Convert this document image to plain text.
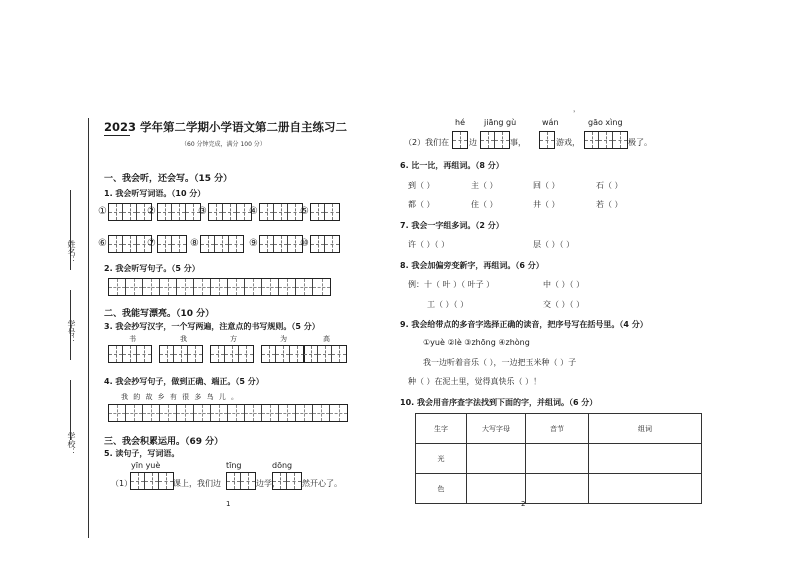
姓名：
学号：
学校：
2023 学年第二学期小学语文第二册自主练习二
（60 分钟完成，满分 100 分）
一、我会听，还会写。（15 分）
1. 我会听写词语。（10 分）
①	②	③	④	⑤
⑥	⑦	⑧	⑨	⑩
2. 我会听写句子。（5 分）
二、我能写漂亮。（10 分）
3. 我会抄写汉字，一个写两遍，注意点的书写规则。（5 分）
书	我	方	为	高
4. 我会抄写句子，做到正确、端正。（5 分）
我 的 故 乡 有 很 多 鸟 儿 。
三、我会积累运用。（69 分）
5. 读句子，写词语。
yīn yuè	tīng	dōng
（1）	课上，我们边	边学，	然开心了。
1
，
hé jiāng gù	wán	gāo xìng
（2）我们在 边	事，	游戏，	极了。
6. 比一比，再组词。（8 分）
到（ ）	主（ ）	回（ ）	石（ ）
都（ ）	住（ ）	井（ ）	若（ ）
7. 我会一字组多词。（2 分）
许（ ）（ ）	层（ ）（ ）
8. 我会加偏旁变新字，再组词。（6 分）
例：十（ 叶 ）（ 叶子 ）	中（ ）（ ）
工（ ）（ ）	交（ ）（ ）
9. 我会给带点的多音字选择正确的读音，把序号写在括号里。（4 分）
①yuè ②lè ③zhōng ④zhòng
我一边听着音乐（ ），一边把玉米种（ ）子
种（ ）在泥土里，觉得真快乐（ ）！
10. 我会用音序查字法找到下面的字，并组词。（6 分）
生字	大写字母	音节	组词
光			
色			
2
